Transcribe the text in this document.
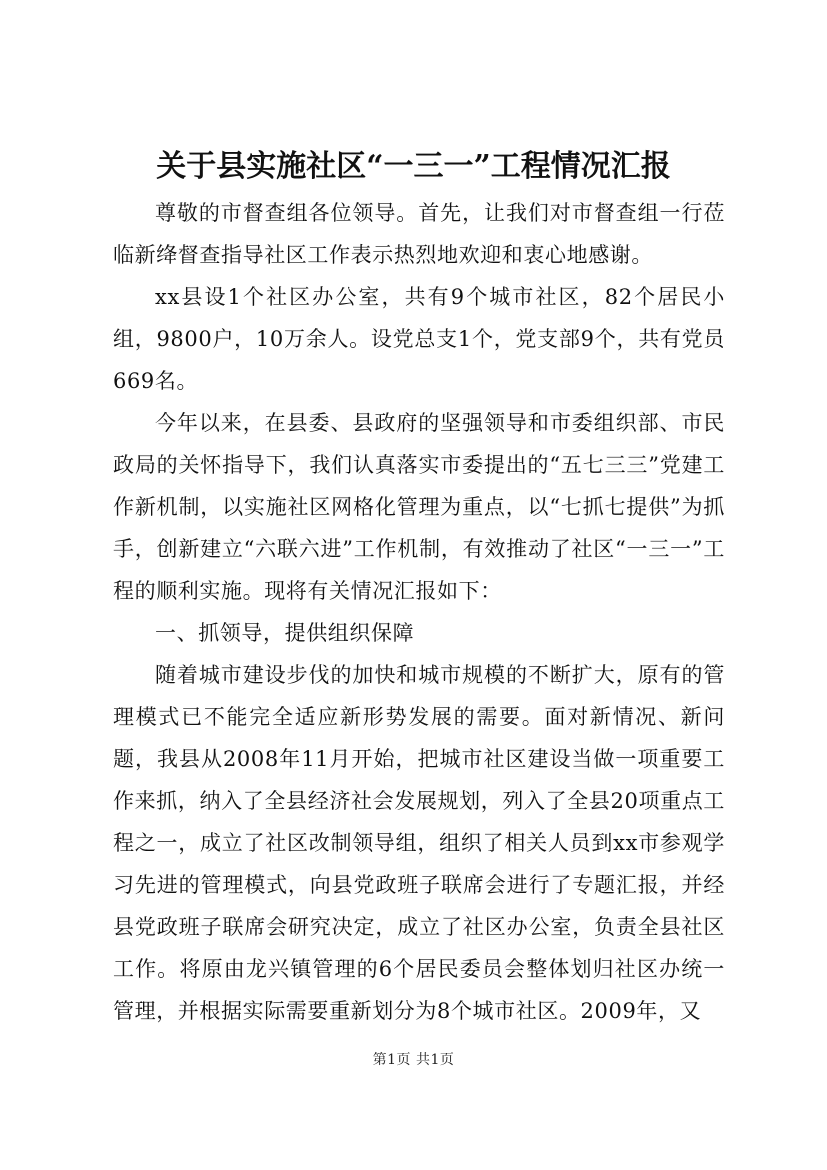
关于县实施社区“一三一”工程情况汇报

尊敬的市督查组各位领导。首先，让我们对市督查组一行莅临新绛督查指导社区工作表示热烈地欢迎和衷心地感谢。

xx县设1个社区办公室，共有9个城市社区，82个居民小组，9800户，10万余人。设党总支1个，党支部9个，共有党员669名。

今年以来，在县委、县政府的坚强领导和市委组织部、市民政局的关怀指导下，我们认真落实市委提出的“五七三三”党建工作新机制，以实施社区网格化管理为重点，以“七抓七提供”为抓手，创新建立“六联六进”工作机制，有效推动了社区“一三一”工程的顺利实施。现将有关情况汇报如下：

一、抓领导，提供组织保障

随着城市建设步伐的加快和城市规模的不断扩大，原有的管理模式已不能完全适应新形势发展的需要。面对新情况、新问题，我县从2008年11月开始，把城市社区建设当做一项重要工作来抓，纳入了全县经济社会发展规划，列入了全县20项重点工程之一，成立了社区改制领导组，组织了相关人员到xx市参观学习先进的管理模式，向县党政班子联席会进行了专题汇报，并经县党政班子联席会研究决定，成立了社区办公室，负责全县社区工作。将原由龙兴镇管理的6个居民委员会整体划归社区办统一管理，并根据实际需要重新划分为8个城市社区。2009年，又

第1页 共1页
